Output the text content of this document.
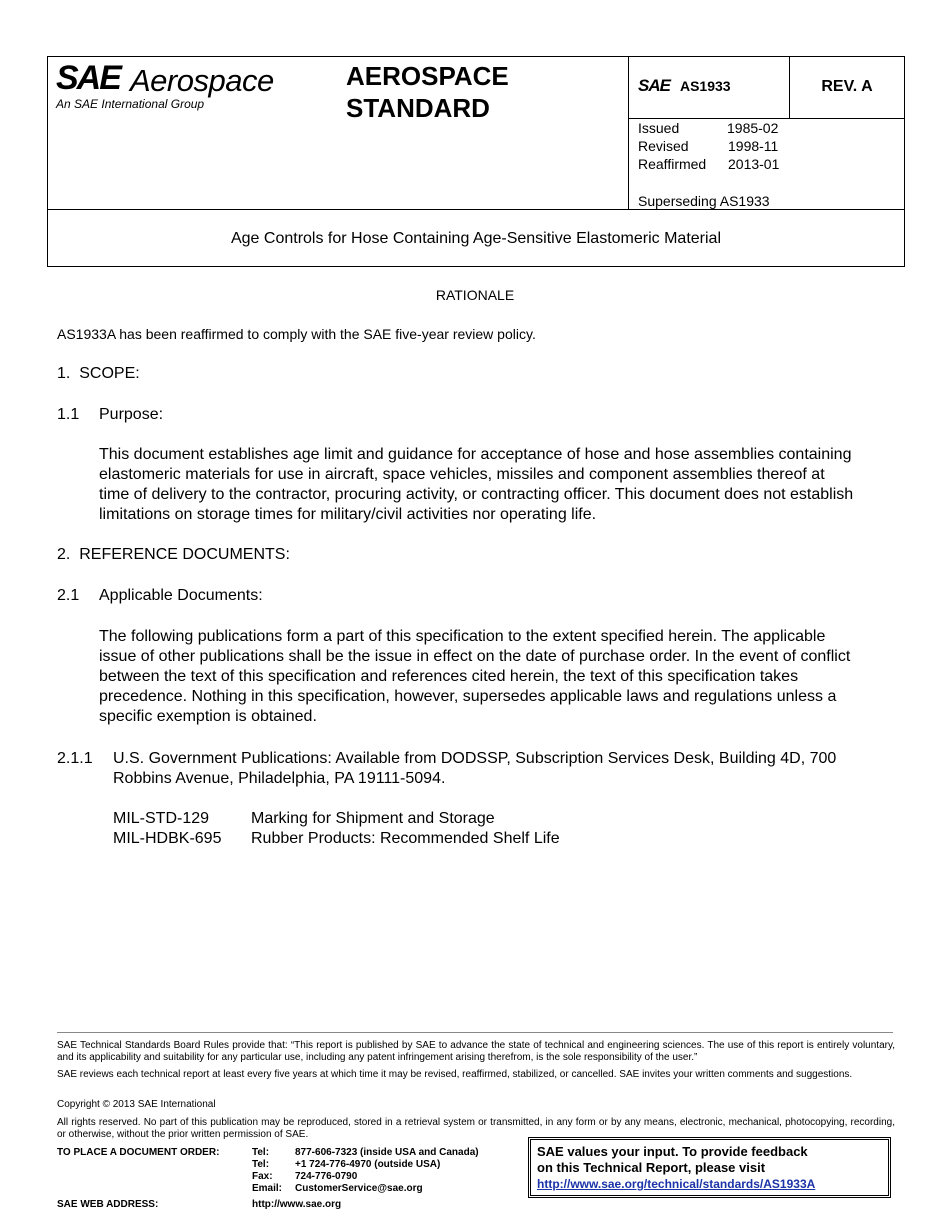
SAE Aerospace
An SAE International Group
AEROSPACE
STANDARD
SAE AS1933	REV. A
Issued	1985-02
Revised	1998-11
Reaffirmed 2013-01
Superseding AS1933
Age Controls for Hose Containing Age-Sensitive Elastomeric Material
RATIONALE
AS1933A has been reaffirmed to comply with the SAE five-year review policy.
1. SCOPE:
1.1 Purpose:
This document establishes age limit and guidance for acceptance of hose and hose assemblies containing elastomeric materials for use in aircraft, space vehicles, missiles and component assemblies thereof at time of delivery to the contractor, procuring activity, or contracting officer. This document does not establish limitations on storage times for military/civil activities nor operating life.
2. REFERENCE DOCUMENTS:
2.1 Applicable Documents:
The following publications form a part of this specification to the extent specified herein. The applicable issue of other publications shall be the issue in effect on the date of purchase order. In the event of conflict between the text of this specification and references cited herein, the text of this specification takes precedence. Nothing in this specification, however, supersedes applicable laws and regulations unless a specific exemption is obtained.
2.1.1 U.S. Government Publications: Available from DODSSP, Subscription Services Desk, Building 4D, 700 Robbins Avenue, Philadelphia, PA 19111-5094.
MIL-STD-129	Marking for Shipment and Storage
MIL-HDBK-695	Rubber Products: Recommended Shelf Life
SAE Technical Standards Board Rules provide that: “This report is published by SAE to advance the state of technical and engineering sciences. The use of this report is entirely voluntary, and its applicability and suitability for any particular use, including any patent infringement arising therefrom, is the sole responsibility of the user.”
SAE reviews each technical report at least every five years at which time it may be revised, reaffirmed, stabilized, or cancelled. SAE invites your written comments and suggestions.
Copyright © 2013 SAE International
All rights reserved. No part of this publication may be reproduced, stored in a retrieval system or transmitted, in any form or by any means, electronic, mechanical, photocopying, recording, or otherwise, without the prior written permission of SAE.
TO PLACE A DOCUMENT ORDER:	Tel:	877-606-7323 (inside USA and Canada)
Tel:	+1 724-776-4970 (outside USA)
Fax: 724-776-0790
Email: CustomerService@sae.org
SAE WEB ADDRESS:	http://www.sae.org
SAE values your input. To provide feedback
on this Technical Report, please visit
http://www.sae.org/technical/standards/AS1933A
